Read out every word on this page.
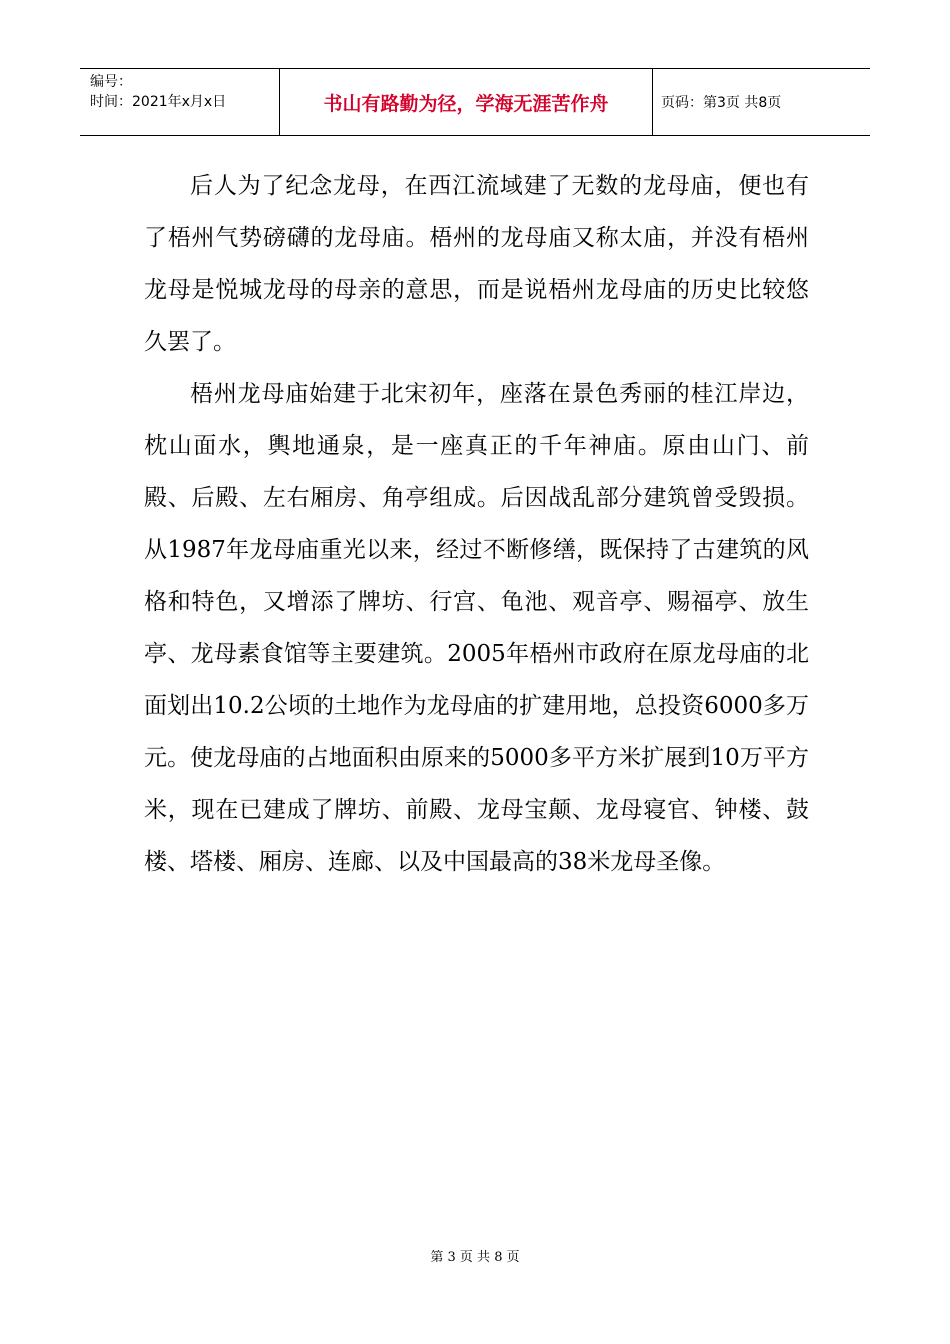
编号：
时间：2021年x月x日	书山有路勤为径，学海无涯苦作舟	页码：第3页 共8页

后人为了纪念龙母，在西江流域建了无数的龙母庙，便也有了梧州气势磅礴的龙母庙。梧州的龙母庙又称太庙，并没有梧州龙母是悦城龙母的母亲的意思，而是说梧州龙母庙的历史比较悠久罢了。

梧州龙母庙始建于北宋初年，座落在景色秀丽的桂江岸边，枕山面水，輿地通泉，是一座真正的千年神庙。原由山门、前殿、后殿、左右厢房、角亭组成。后因战乱部分建筑曾受毁损。从1987年龙母庙重光以来，经过不断修缮，既保持了古建筑的风格和特色，又增添了牌坊、行宫、龟池、观音亭、赐福亭、放生亭、龙母素食馆等主要建筑。2005年梧州市政府在原龙母庙的北面划出10.2公顷的土地作为龙母庙的扩建用地，总投资6000多万元。使龙母庙的占地面积由原来的5000多平方米扩展到10万平方米，现在已建成了牌坊、前殿、龙母宝颠、龙母寝官、钟楼、鼓楼、塔楼、厢房、连廊、以及中国最高的38米龙母圣像。

第 3 页 共 8 页
